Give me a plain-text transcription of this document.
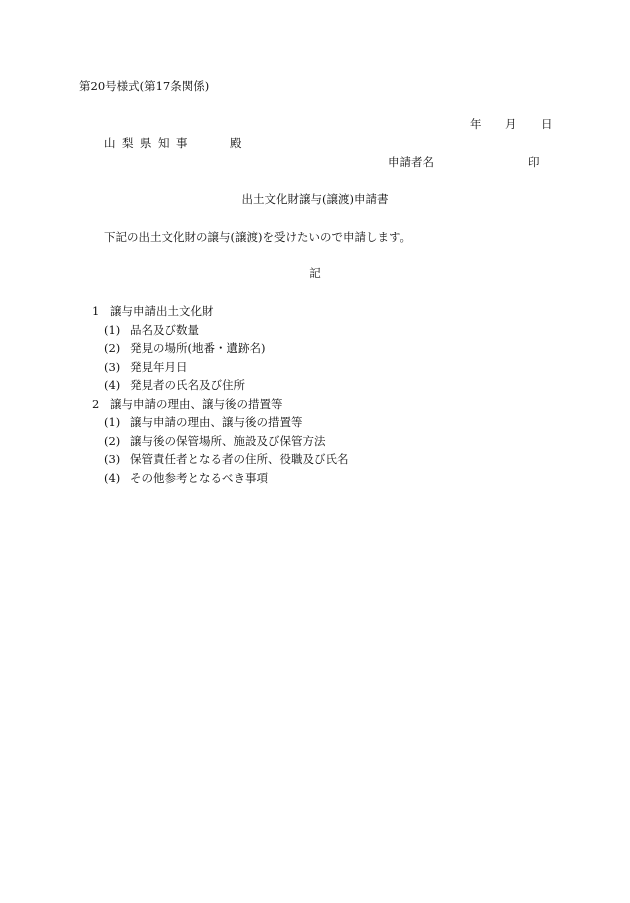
第20号様式(第17条関係)
年 月 日
山梨県知事	殿
申請者名	印
出土文化財譲与(譲渡)申請書
下記の出土文化財の譲与(譲渡)を受けたいので申請します。
記
1 譲与申請出土文化財
(1) 品名及び数量
(2) 発見の場所(地番・遺跡名)
(3) 発見年月日
(4) 発見者の氏名及び住所
2 譲与申請の理由、譲与後の措置等
(1) 譲与申請の理由、譲与後の措置等
(2) 譲与後の保管場所、施設及び保管方法
(3) 保管責任者となる者の住所、役職及び氏名
(4) その他参考となるべき事項
